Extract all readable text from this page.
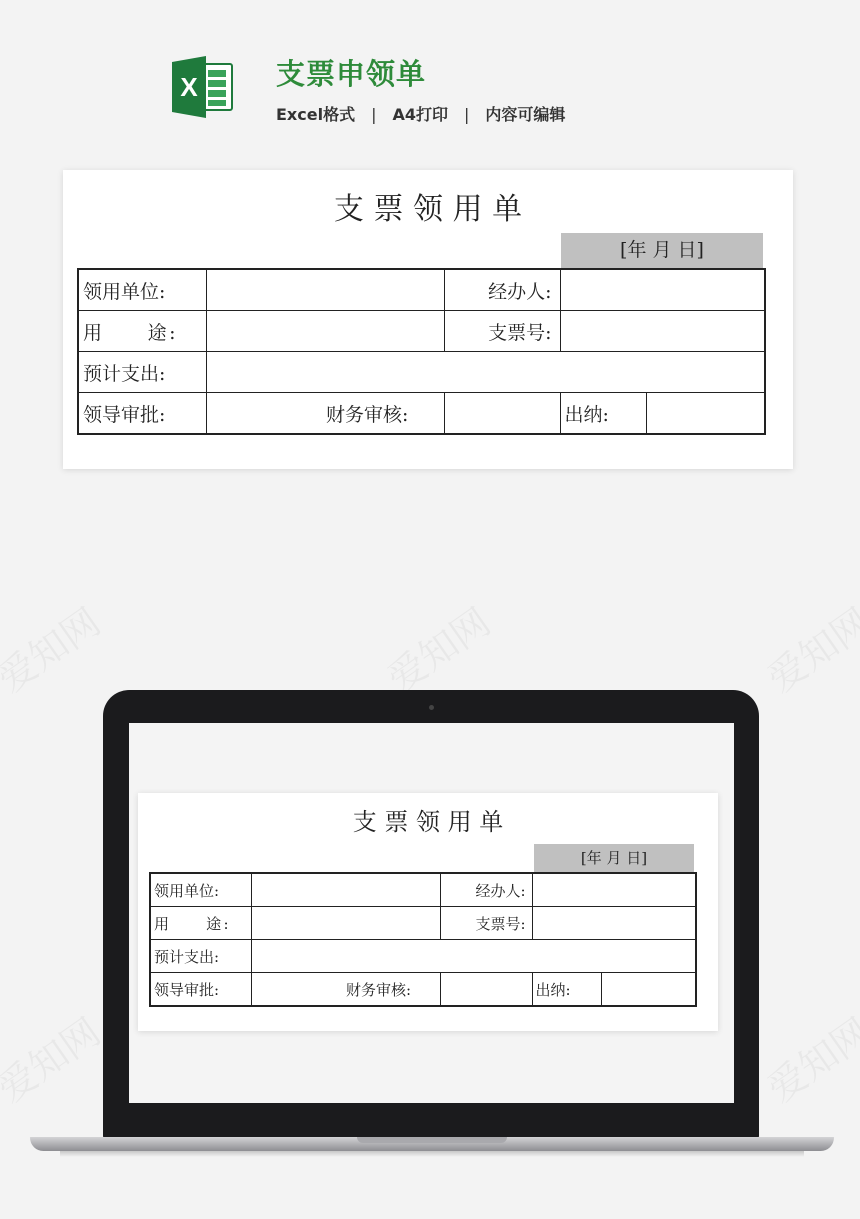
X	支票申领单
Excel格式 | A4打印 | 内容可编辑
支 票 领 用 单
[年 月 日]
领用单位:			经办人:		
用　　途:			支票号:		
预计支出:					
领导审批:		财务审核:		出纳:	
支 票 领 用 单
[年 月 日]
领用单位:			经办人:		
用　　途:			支票号:		
预计支出:					
领导审批:		财务审核:		出纳:	
